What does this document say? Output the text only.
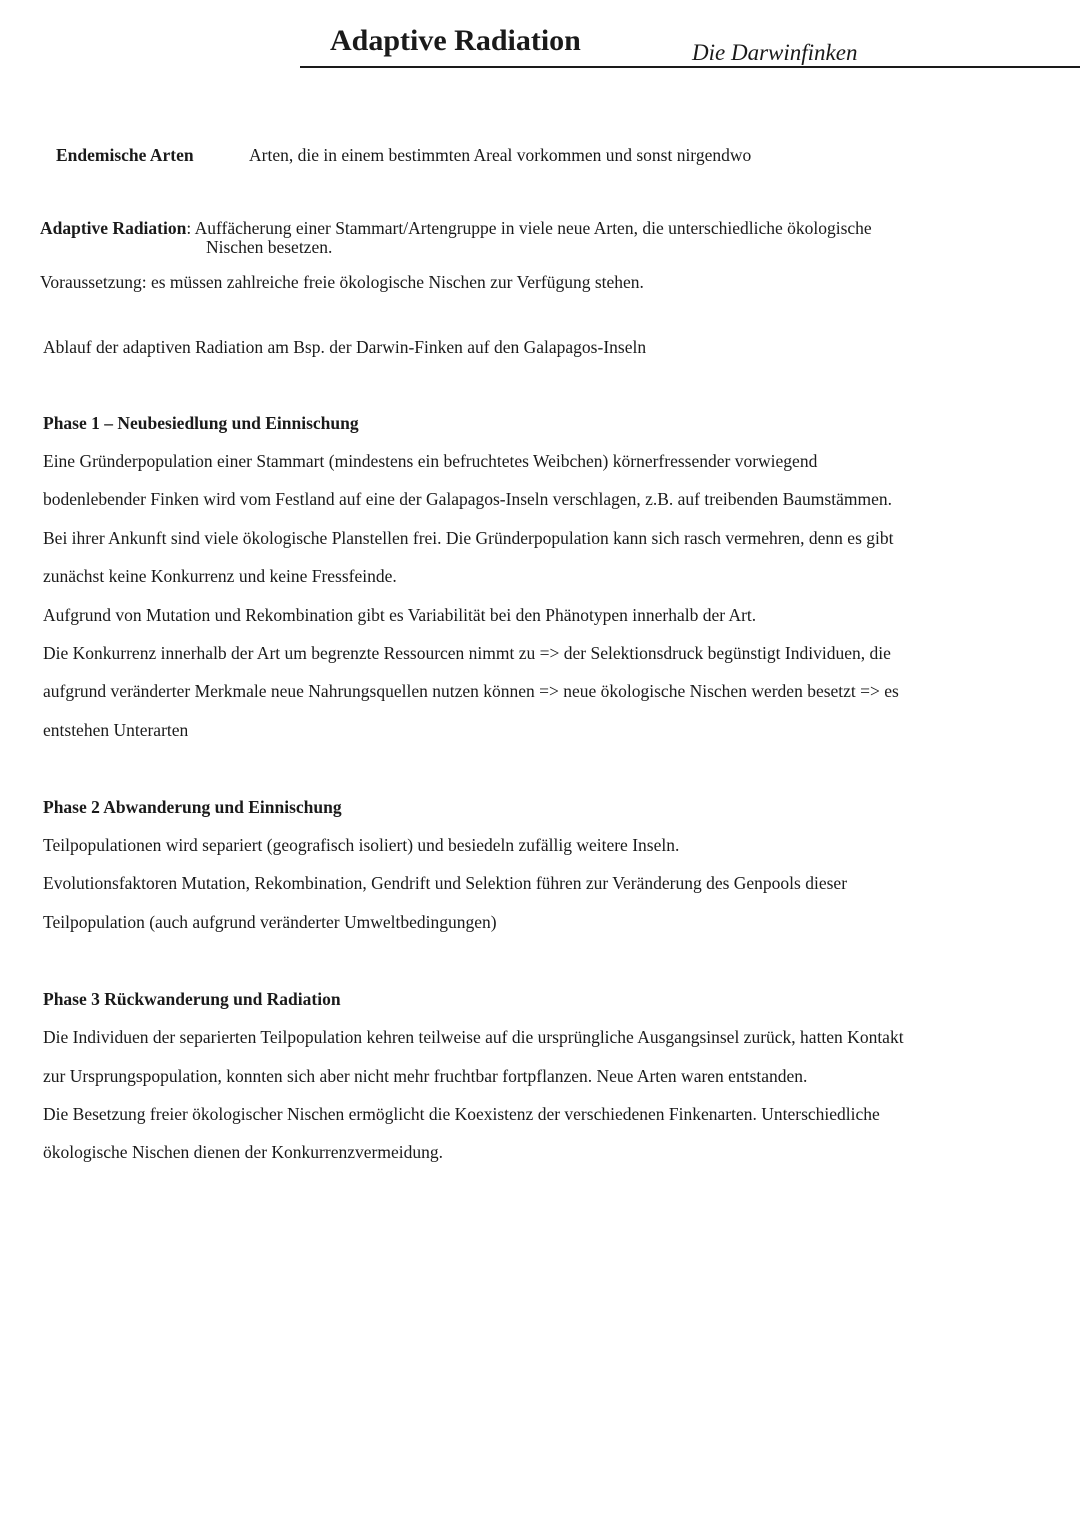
Adaptive Radiation	Die Darwinfinken
Endemische Arten	Arten, die in einem bestimmten Areal vorkommen und sonst nirgendwo
Adaptive Radiation: Auffächerung einer Stammart/Artengruppe in viele neue Arten, die unterschiedliche ökologische
Nischen besetzen.
Voraussetzung: es müssen zahlreiche freie ökologische Nischen zur Verfügung stehen.
Ablauf der adaptiven Radiation am Bsp. der Darwin-Finken auf den Galapagos-Inseln
Phase 1 – Neubesiedlung und Einnischung
Eine Gründerpopulation einer Stammart (mindestens ein befruchtetes Weibchen) körnerfressender vorwiegend
bodenlebender Finken wird vom Festland auf eine der Galapagos-Inseln verschlagen, z.B. auf treibenden Baumstämmen.
Bei ihrer Ankunft sind viele ökologische Planstellen frei. Die Gründerpopulation kann sich rasch vermehren, denn es gibt
zunächst keine Konkurrenz und keine Fressfeinde.
Aufgrund von Mutation und Rekombination gibt es Variabilität bei den Phänotypen innerhalb der Art.
Die Konkurrenz innerhalb der Art um begrenzte Ressourcen nimmt zu => der Selektionsdruck begünstigt Individuen, die
aufgrund veränderter Merkmale neue Nahrungsquellen nutzen können => neue ökologische Nischen werden besetzt => es
entstehen Unterarten
Phase 2 Abwanderung und Einnischung
Teilpopulationen wird separiert (geografisch isoliert) und besiedeln zufällig weitere Inseln.
Evolutionsfaktoren Mutation, Rekombination, Gendrift und Selektion führen zur Veränderung des Genpools dieser
Teilpopulation (auch aufgrund veränderter Umweltbedingungen)
Phase 3 Rückwanderung und Radiation
Die Individuen der separierten Teilpopulation kehren teilweise auf die ursprüngliche Ausgangsinsel zurück, hatten Kontakt
zur Ursprungspopulation, konnten sich aber nicht mehr fruchtbar fortpflanzen. Neue Arten waren entstanden.
Die Besetzung freier ökologischer Nischen ermöglicht die Koexistenz der verschiedenen Finkenarten. Unterschiedliche
ökologische Nischen dienen der Konkurrenzvermeidung.
